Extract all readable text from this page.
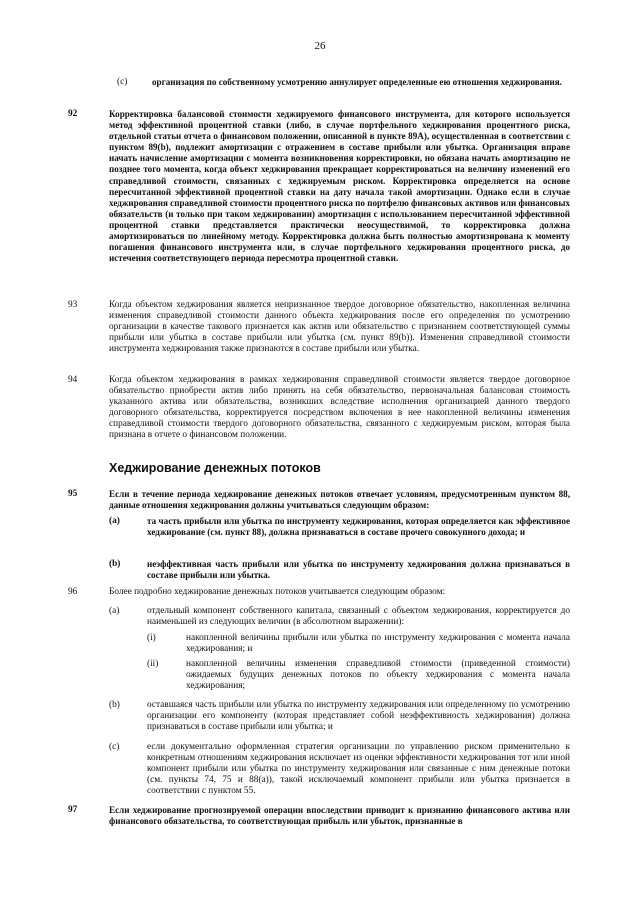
26
(c)	организация по собственному усмотрению аннулирует определенные ею отношения хеджирования.
92	Корректировка балансовой стоимости хеджируемого финансового инструмента, для которого используется метод эффективной процентной ставки (либо, в случае портфельного хеджирования процентного риска, отдельной статьи отчета о финансовом положении, описанной в пункте 89A), осуществленная в соответствии с пунктом 89(b), подлежит амортизации с отражением в составе прибыли или убытка. Организация вправе начать начисление амортизации с момента возникновения корректировки, но обязана начать амортизацию не позднее того момента, когда объект хеджирования прекращает корректироваться на величину изменений его справедливой стоимости, связанных с хеджируемым риском. Корректировка определяется на основе пересчитанной эффективной процентной ставки на дату начала такой амортизации. Однако если в случае хеджирования справедливой стоимости процентного риска по портфелю финансовых активов или финансовых обязательств (и только при таком хеджировании) амортизация с использованием пересчитанной эффективной процентной ставки представляется практически неосуществимой, то корректировка должна амортизироваться по линейному методу. Корректировка должна быть полностью амортизирована к моменту погашения финансового инструмента или, в случае портфельного хеджирования процентного риска, до истечения соответствующего периода пересмотра процентной ставки.
93	Когда объектом хеджирования является непризнанное твердое договорное обязательство, накопленная величина изменения справедливой стоимости данного объекта хеджирования после его определения по усмотрению организации в качестве такового признается как актив или обязательство с признанием соответствующей суммы прибыли или убытка в составе прибыли или убытка (см. пункт 89(b)). Изменения справедливой стоимости инструмента хеджирования также признаются в составе прибыли или убытка.
94	Когда объектом хеджирования в рамках хеджирования справедливой стоимости является твердое договорное обязательство приобрести актив либо принять на себя обязательство, первоначальная балансовая стоимость указанного актива или обязательства, возникших вследствие исполнения организацией данного твердого договорного обязательства, корректируется посредством включения в нее накопленной величины изменения справедливой стоимости твердого договорного обязательства, связанного с хеджируемым риском, которая была признана в отчете о финансовом положении.
Хеджирование денежных потоков
95	Если в течение периода хеджирование денежных потоков отвечает условиям, предусмотренным пунктом 88, данные отношения хеджирования должны учитываться следующим образом:
(a)	та часть прибыли или убытка по инструменту хеджирования, которая определяется как эффективное хеджирование (см. пункт 88), должна признаваться в составе прочего совокупного дохода; и
(b)	неэффективная часть прибыли или убытка по инструменту хеджирования должна признаваться в составе прибыли или убытка.
96	Более подробно хеджирование денежных потоков учитывается следующим образом:
(a)	отдельный компонент собственного капитала, связанный с объектом хеджирования, корректируется до наименьшей из следующих величин (в абсолютном выражении):
(i)	накопленной величины прибыли или убытка по инструменту хеджирования с момента начала хеджирования; и
(ii)	накопленной величины изменения справедливой стоимости (приведенной стоимости) ожидаемых будущих денежных потоков по объекту хеджирования с момента начала хеджирования;
(b)	оставшаяся часть прибыли или убытка по инструменту хеджирования или определенному по усмотрению организации его компоненту (которая представляет собой неэффективность хеджирования) должна признаваться в составе прибыли или убытка; и
(c)	если документально оформленная стратегия организации по управлению риском применительно к конкретным отношениям хеджирования исключает из оценки эффективности хеджирования тот или иной компонент прибыли или убытка по инструменту хеджирования или связанные с ним денежные потоки (см. пункты 74, 75 и 88(а)), такой исключаемый компонент прибыли или убытка признается в соответствии с пунктом 55.
97	Если хеджирование прогнозируемой операции впоследствии приводит к признанию финансового актива или финансового обязательства, то соответствующая прибыль или убыток, признанные в
